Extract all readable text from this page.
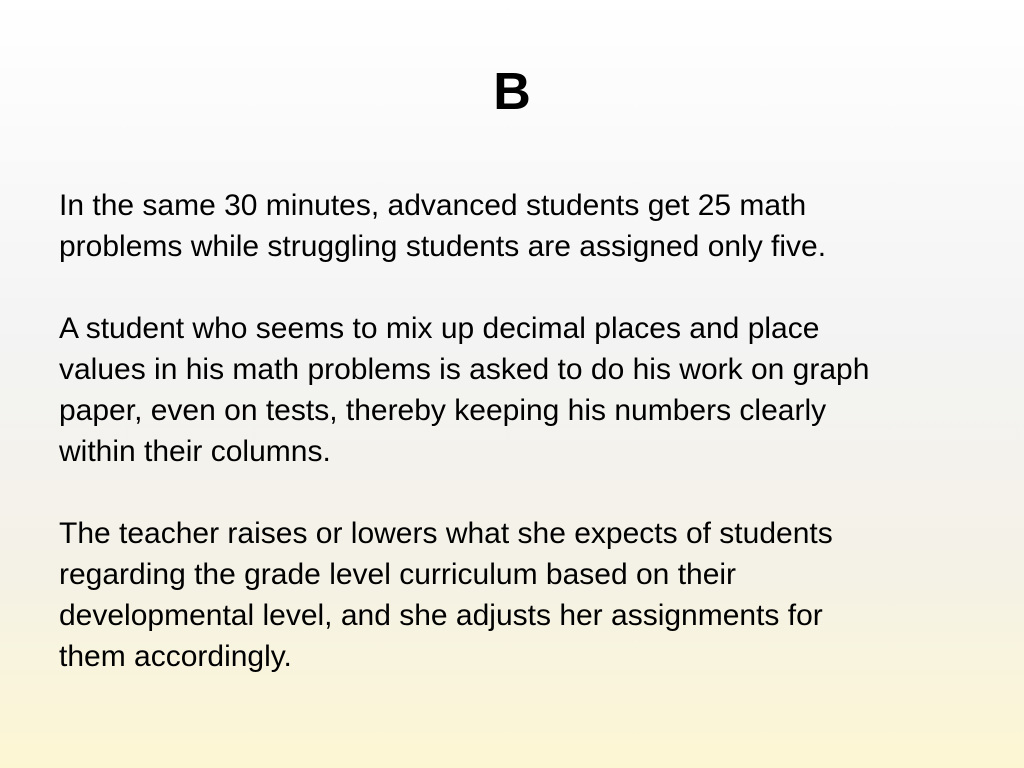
B

In the same 30 minutes, advanced students get 25 math
problems while struggling students are assigned only five.

A student who seems to mix up decimal places and place
values in his math problems is asked to do his work on graph
paper, even on tests, thereby keeping his numbers clearly
within their columns.

The teacher raises or lowers what she expects of students
regarding the grade level curriculum based on their
developmental level, and she adjusts her assignments for
them accordingly.
